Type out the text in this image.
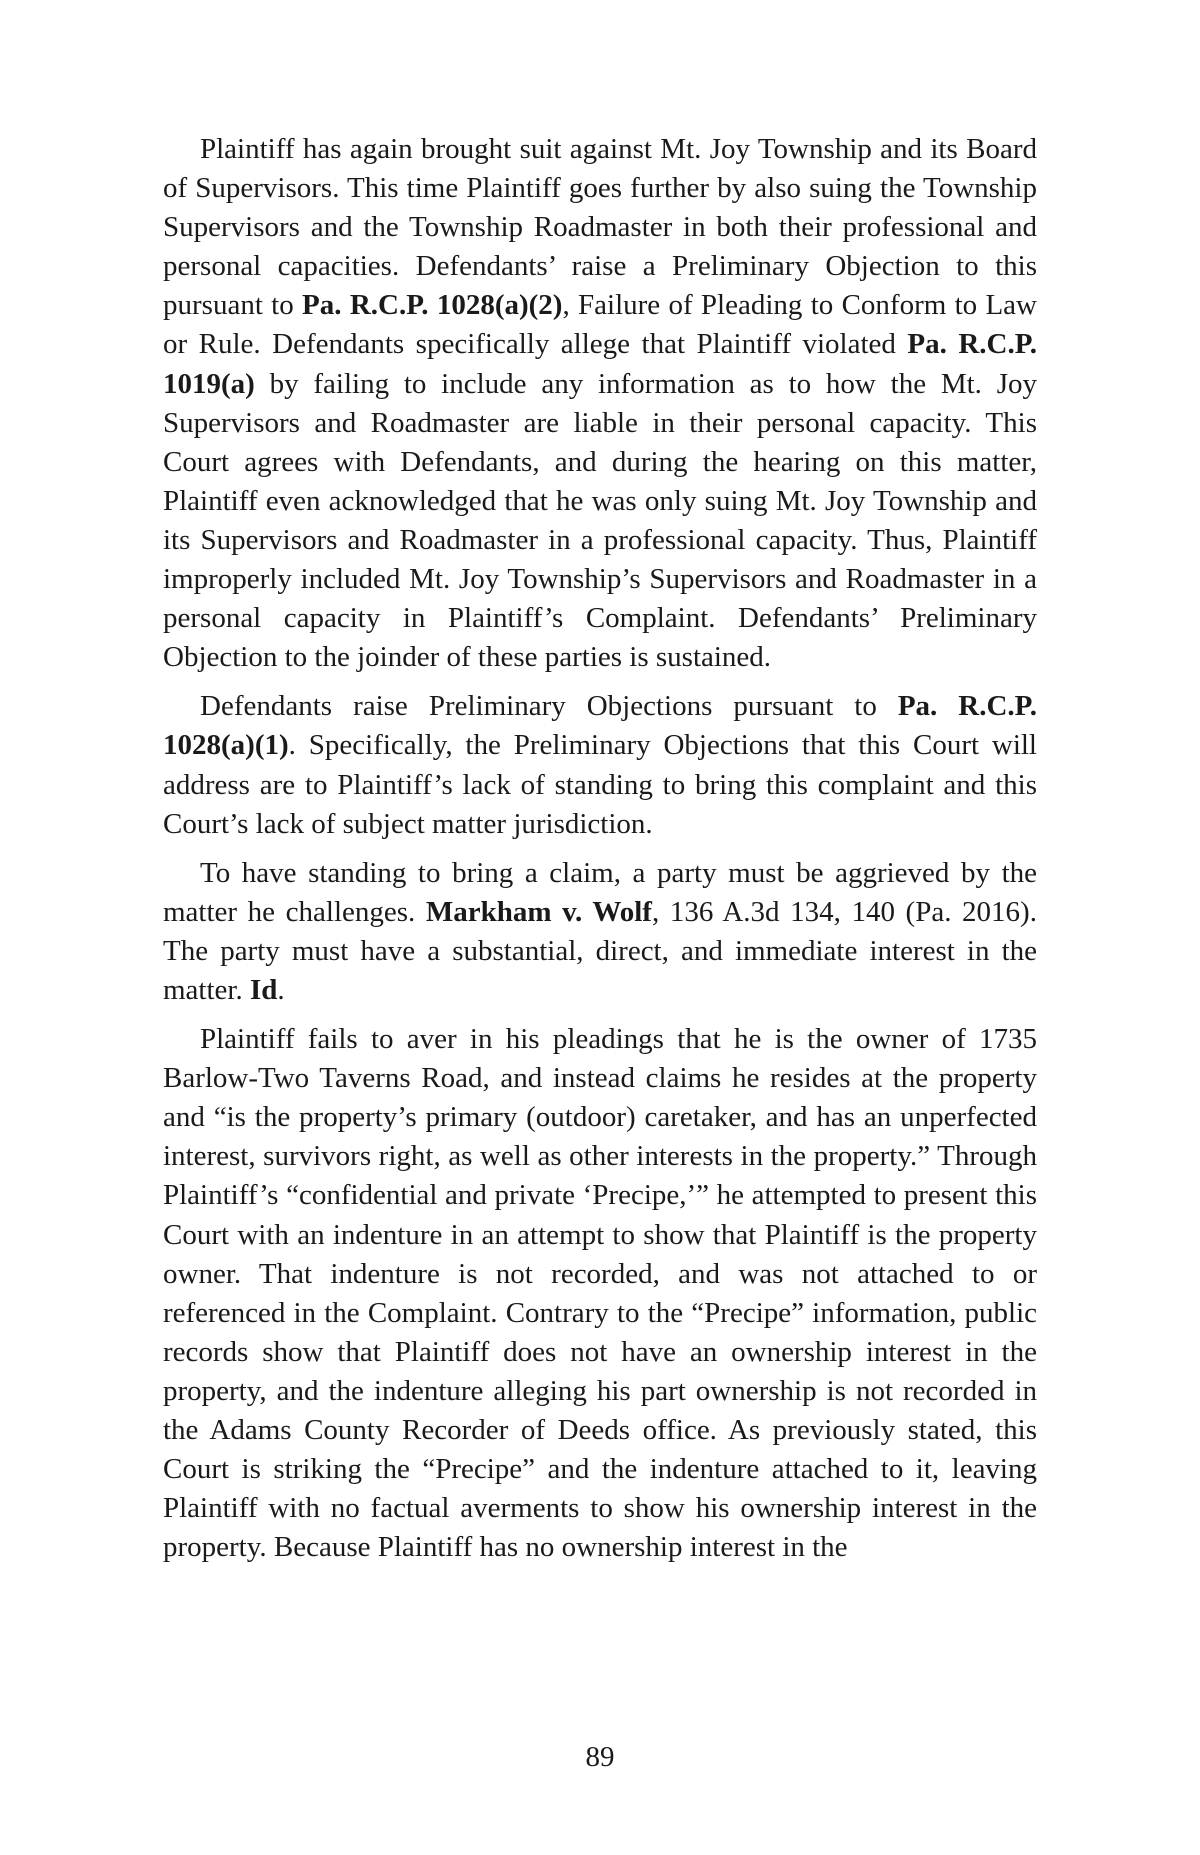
Plaintiff has again brought suit against Mt. Joy Township and its Board of Supervisors. This time Plaintiff goes further by also suing the Township Supervisors and the Township Roadmaster in both their professional and personal capacities. Defendants’ raise a Preliminary Objection to this pursuant to Pa. R.C.P. 1028(a)(2), Failure of Pleading to Conform to Law or Rule. Defendants specifically allege that Plaintiff violated Pa. R.C.P. 1019(a) by failing to include any information as to how the Mt. Joy Supervisors and Roadmaster are liable in their personal capacity. This Court agrees with Defendants, and during the hearing on this matter, Plaintiff even acknowledged that he was only suing Mt. Joy Township and its Supervisors and Roadmaster in a professional capacity. Thus, Plaintiff improperly included Mt. Joy Township’s Supervisors and Roadmaster in a personal capacity in Plaintiff’s Complaint. Defendants’ Preliminary Objection to the joinder of these parties is sustained.

Defendants raise Preliminary Objections pursuant to Pa. R.C.P. 1028(a)(1). Specifically, the Preliminary Objections that this Court will address are to Plaintiff’s lack of standing to bring this complaint and this Court’s lack of subject matter jurisdiction.

To have standing to bring a claim, a party must be aggrieved by the matter he challenges. Markham v. Wolf, 136 A.3d 134, 140 (Pa. 2016). The party must have a substantial, direct, and immediate interest in the matter. Id.

Plaintiff fails to aver in his pleadings that he is the owner of 1735 Barlow-Two Taverns Road, and instead claims he resides at the property and “is the property’s primary (outdoor) caretaker, and has an unperfected interest, survivors right, as well as other interests in the property.” Through Plaintiff’s “confidential and private ‘Precipe,’” he attempted to present this Court with an indenture in an attempt to show that Plaintiff is the property owner. That indenture is not recorded, and was not attached to or referenced in the Complaint. Contrary to the “Precipe” information, public records show that Plaintiff does not have an ownership interest in the property, and the indenture alleging his part ownership is not recorded in the Adams County Recorder of Deeds office. As previously stated, this Court is striking the “Precipe” and the indenture attached to it, leaving Plaintiff with no factual averments to show his ownership interest in the property. Because Plaintiff has no ownership interest in the

89
